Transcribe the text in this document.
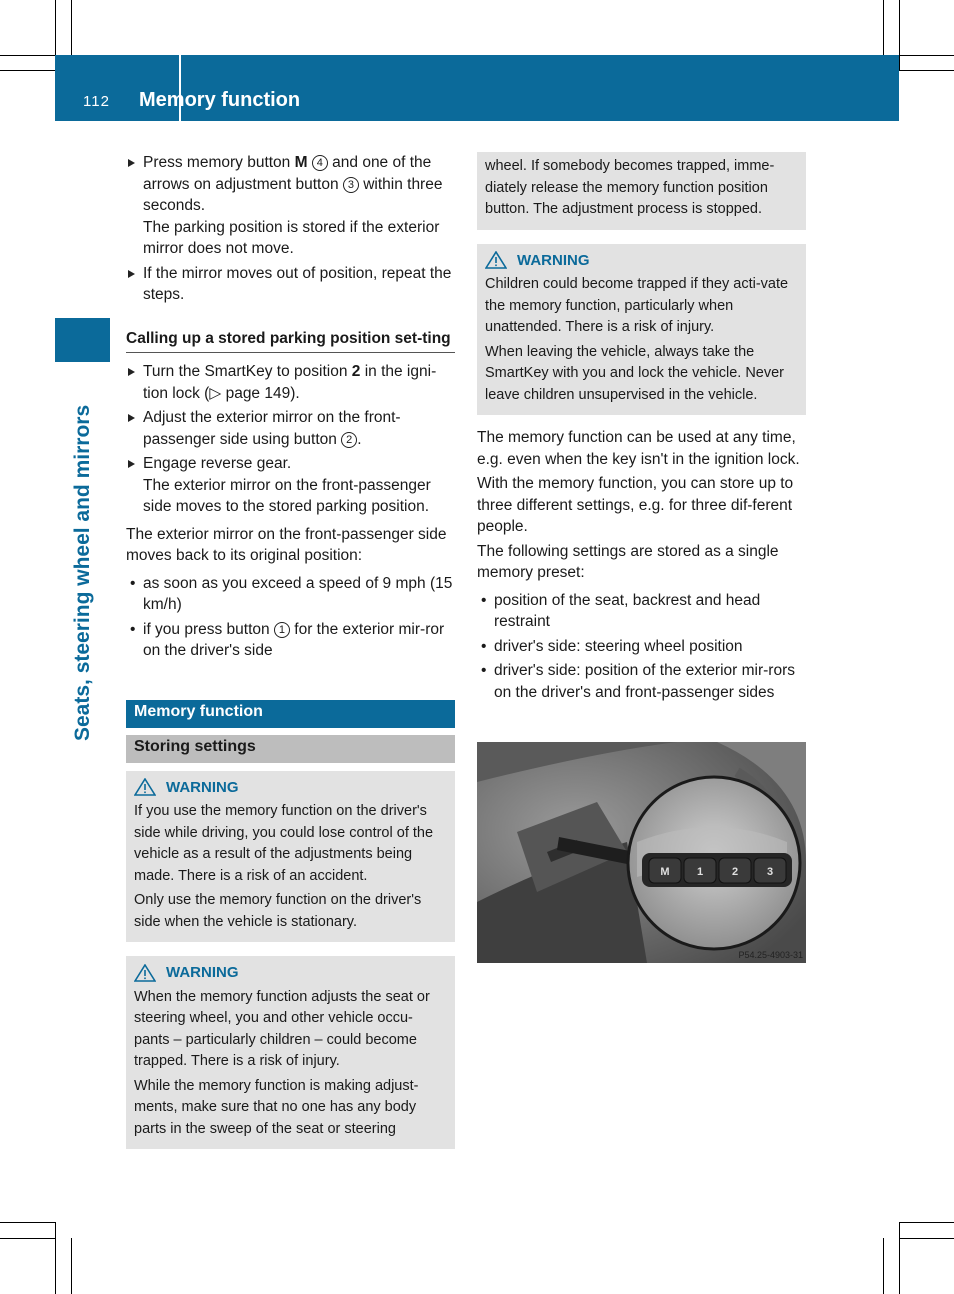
112 Memory function
Seats, steering wheel and mirrors
Press memory button M 4 and one of the arrows on adjustment button 3 within three seconds.
The parking position is stored if the exterior mirror does not move.
If the mirror moves out of position, repeat the steps.
Calling up a stored parking position set-ting
Turn the SmartKey to position 2 in the igni-tion lock (▷ page 149).
Adjust the exterior mirror on the front-passenger side using button 2 .
Engage reverse gear.
The exterior mirror on the front-passenger side moves to the stored parking position.

The exterior mirror on the front-passenger side moves back to its original position:

• as soon as you exceed a speed of 9 mph (15 km/h)
• if you press button 1 for the exterior mir-ror on the driver's side
Memory function
Storing settings
WARNING

If you use the memory function on the driver's side while driving, you could lose control of the vehicle as a result of the adjustments being made. There is a risk of an accident.

Only use the memory function on the driver's side when the vehicle is stationary.

WARNING

When the memory function adjusts the seat or steering wheel, you and other vehicle occu-pants – particularly children – could become trapped. There is a risk of injury.

While the memory function is making adjust-ments, make sure that no one has any body parts in the sweep of the seat or steering

wheel. If somebody becomes trapped, imme-diately release the memory function position button. The adjustment process is stopped.

WARNING

Children could become trapped if they acti-vate the memory function, particularly when unattended. There is a risk of injury.

When leaving the vehicle, always take the SmartKey with you and lock the vehicle. Never leave children unsupervised in the vehicle.

The memory function can be used at any time, e.g. even when the key isn't in the ignition lock.

With the memory function, you can store up to three different settings, e.g. for three dif-ferent people.

The following settings are stored as a single memory preset:

• position of the seat, backrest and head restraint
• driver's side: steering wheel position
• driver's side: position of the exterior mir-rors on the driver's and front-passenger sides
M 1	2	3
P54.25-4903-31
